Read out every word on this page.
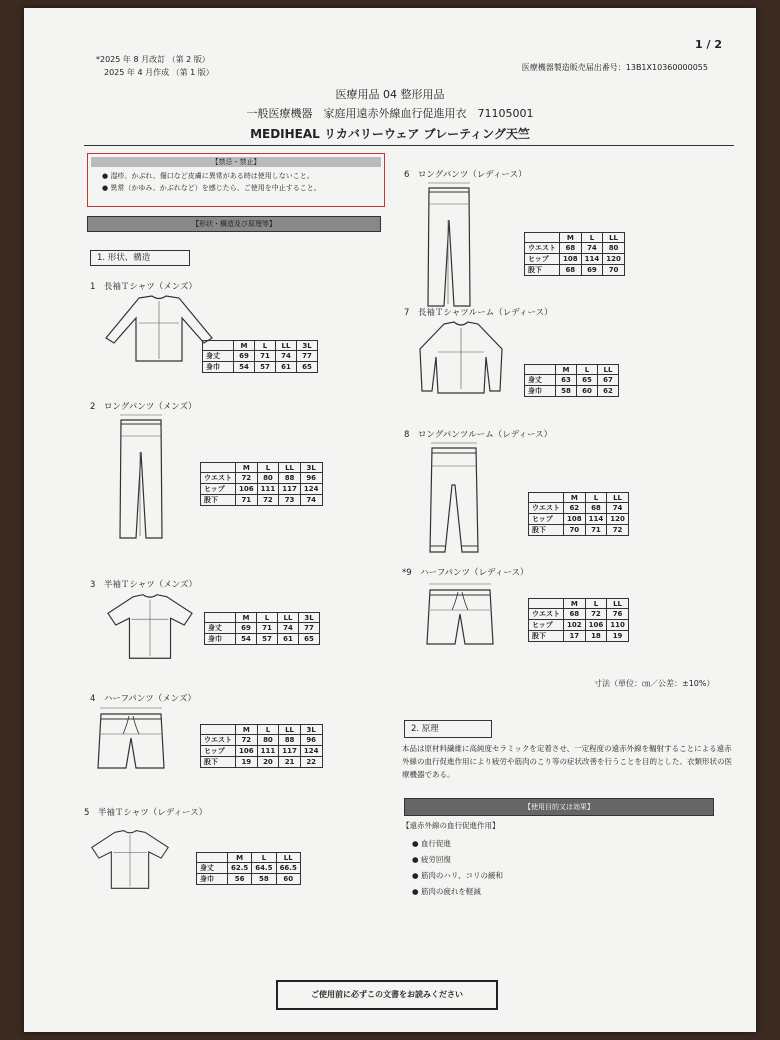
1 / 2
*2025 年 8 月改訂 （第 2 版）
2025 年 4 月作成 （第 1 版）
医療機器製造販売届出番号：13B1X10360000055
医療用品 04 整形用品
一般医療機器　家庭用遠赤外線血行促進用衣　71105001
MEDIHEAL リカバリーウェア ブレーティング天竺
【禁忌・禁止】
● 湿疹、かぶれ、傷口など皮膚に異常がある時は使用しないこと。
● 異常（かゆみ、かぶれなど）を感じたら、ご使用を中止すること。
【形状・構造及び原理等】
1. 形状、構造
1　長袖Ｔシャツ（メンズ）
	M	L	LL	3L
身丈	69	71	74	77
身巾	54	57	61	65
2　ロングパンツ（メンズ）
	M	L	LL	3L
ウエスト	72	80	88	96
ヒップ	106	111	117	124
股下	71	72	73	74
3　半袖Ｔシャツ（メンズ）
	M	L	LL	3L
身丈	69	71	74	77
身巾	54	57	61	65
4　ハーフパンツ（メンズ）
	M	L	LL	3L
ウエスト	72	80	88	96
ヒップ	106	111	117	124
股下	19	20	21	22
5　半袖Ｔシャツ（レディース）
	M	L	LL
身丈	62.5	64.5	66.5
身巾	56	58	60
6　ロングパンツ（レディース）
	M	L	LL
ウエスト	68	74	80
ヒップ	108	114	120
股下	68	69	70
7　長袖Ｔシャツルーム（レディース）
	M	L	LL
身丈	63	65	67
身巾	58	60	62
8　ロングパンツルーム（レディース）
	M	L	LL
ウエスト	62	68	74
ヒップ	108	114	120
股下	70	71	72
*9　ハーフパンツ（レディース）
	M	L	LL
ウエスト	68	72	76
ヒップ	102	106	110
股下	17	18	19
寸法（単位：㎝／公差：±10%）
2. 原理
本品は原材料繊維に高純度セラミックを定着させ、一定程度の遠赤外線を輻射することによる遠赤外線の血行促進作用により疲労や筋肉のこり等の症状改善を行うことを目的とした、衣類形状の医療機器である。
【使用目的又は効果】
【遠赤外線の血行促進作用】
● 血行促進
● 疲労回復
● 筋肉のハリ、コリの緩和
● 筋肉の疲れを軽減
ご使用前に必ずこの文書をお読みください
